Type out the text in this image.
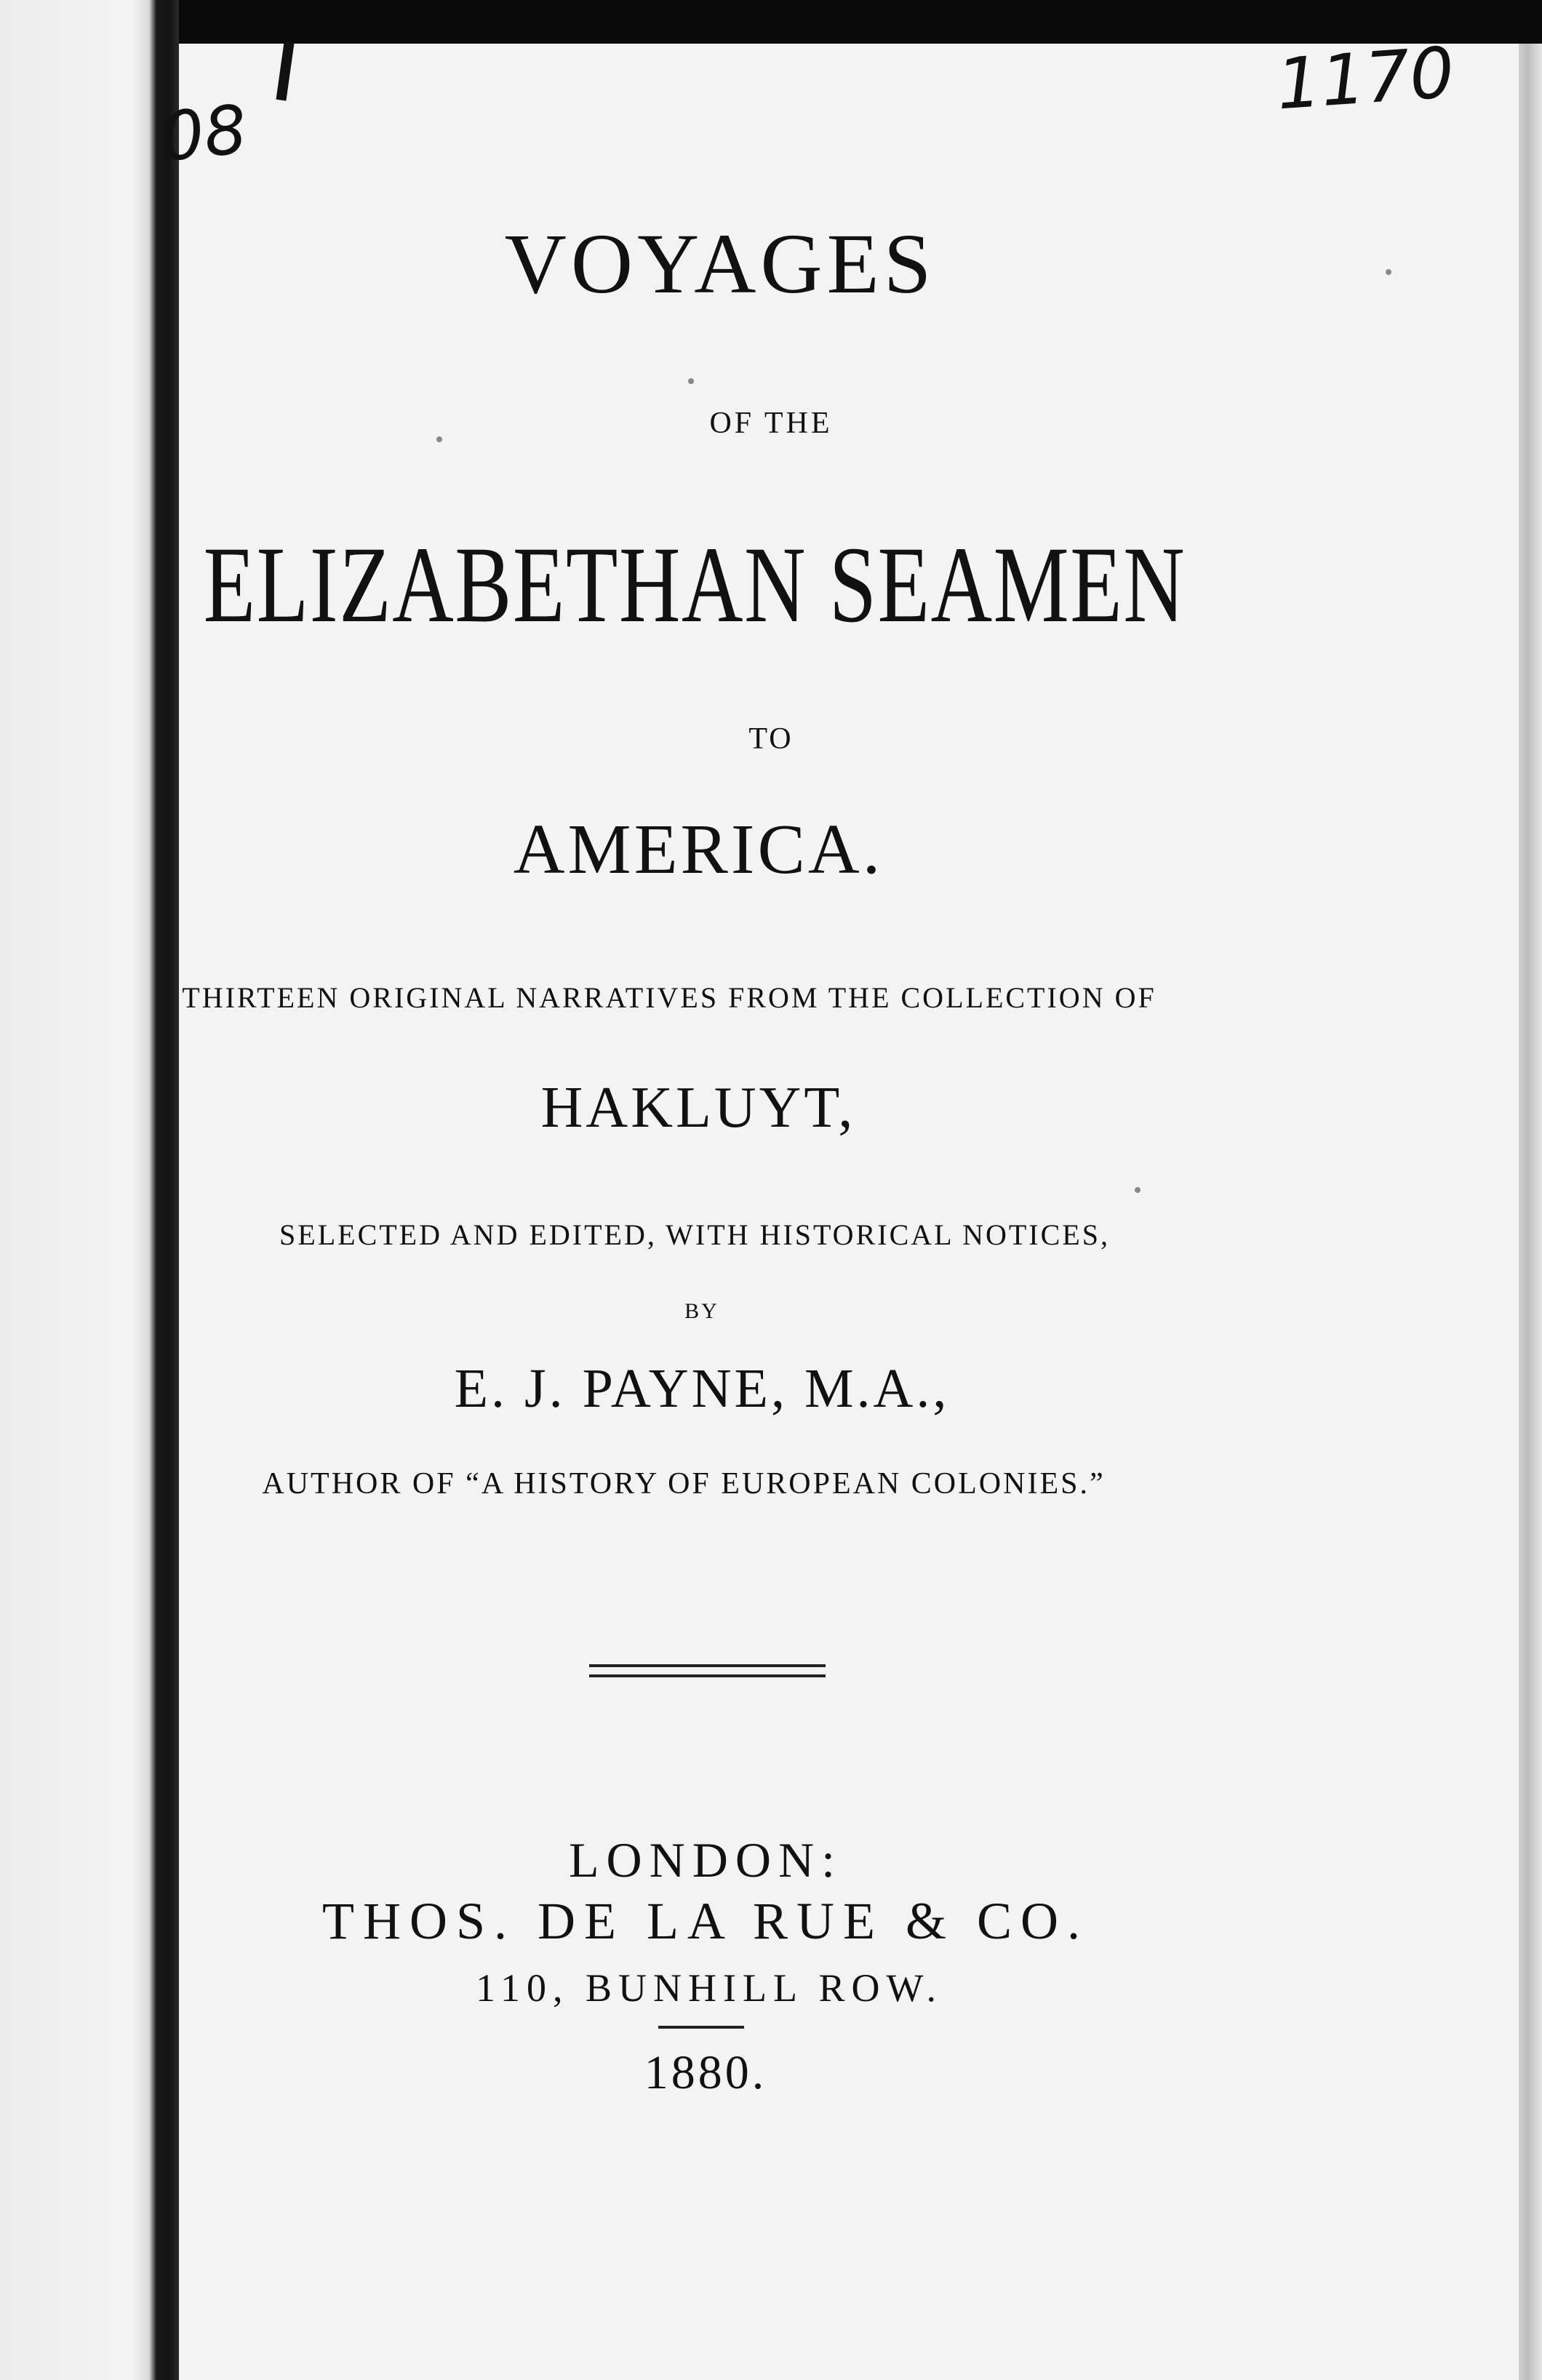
08
1170
VOYAGES
OF THE
ELIZABETHAN SEAMEN
TO
AMERICA.
THIRTEEN ORIGINAL NARRATIVES FROM THE COLLECTION OF
HAKLUYT,
SELECTED AND EDITED, WITH HISTORICAL NOTICES,
BY
E. J. PAYNE, M.A.,
AUTHOR OF “A HISTORY OF EUROPEAN COLONIES.”
LONDON:
THOS. DE LA RUE & CO.
110, BUNHILL ROW.
1880.
